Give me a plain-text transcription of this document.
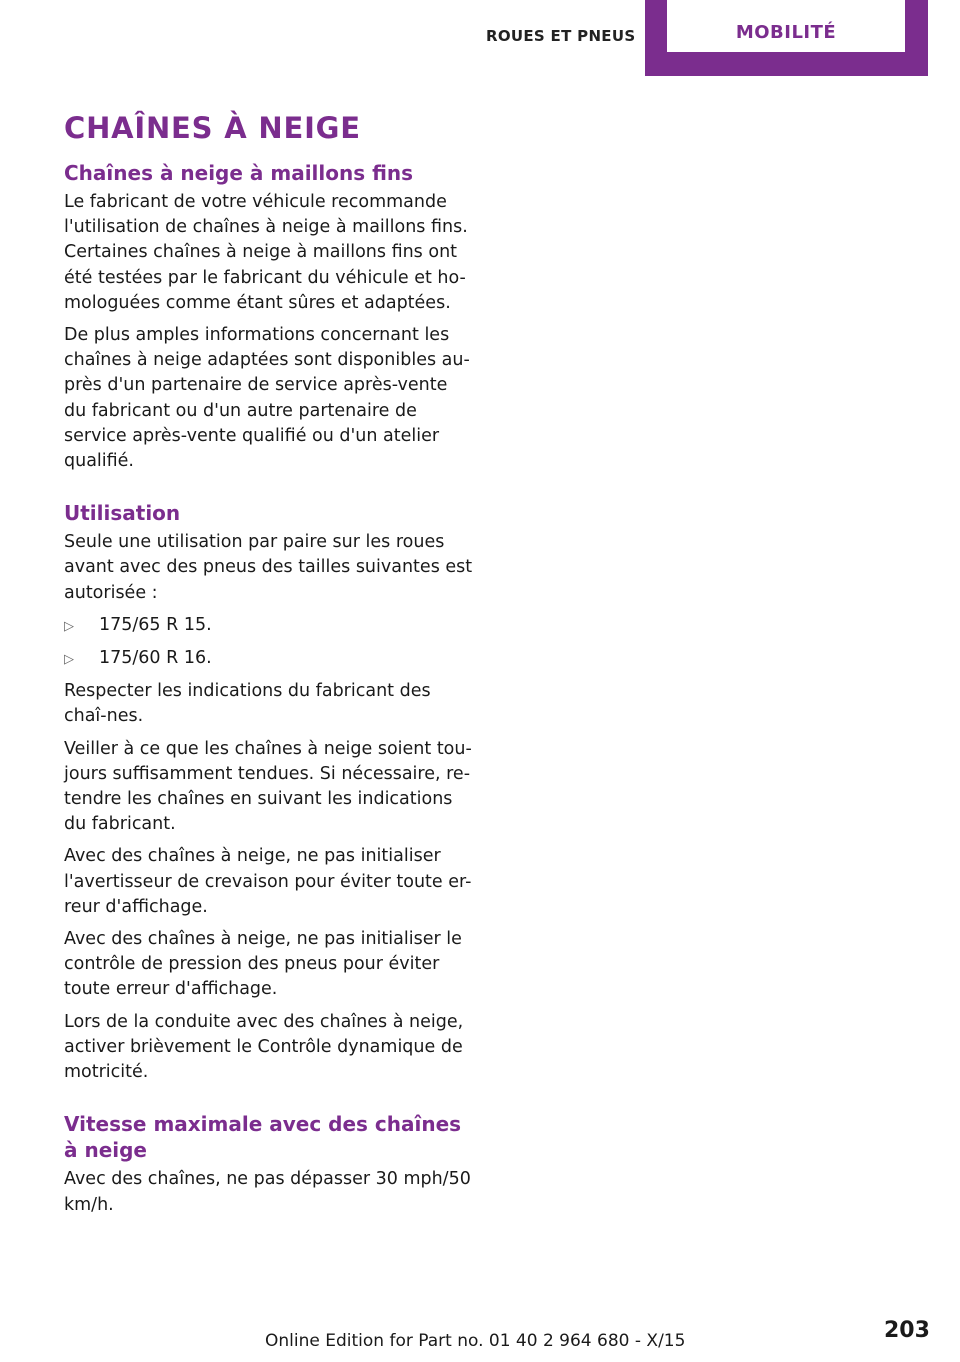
ROUES ET PNEUS	MOBILITÉ
CHAÎNES À NEIGE
Chaînes à neige à maillons fins

Le fabricant de votre véhicule recommande l'utilisation de chaînes à neige à maillons fins. Certaines chaînes à neige à maillons fins ont été testées par le fabricant du véhicule et ho-mologuées comme étant sûres et adaptées.

De plus amples informations concernant les chaînes à neige adaptées sont disponibles au-près d'un partenaire de service après-vente du fabricant ou d'un autre partenaire de service après-vente qualifié ou d'un atelier qualifié.

Utilisation

Seule une utilisation par paire sur les roues avant avec des pneus des tailles suivantes est autorisée :

▷	175/65 R 15.
▷	175/60 R 16.

Respecter les indications du fabricant des chaî-nes.

Veiller à ce que les chaînes à neige soient tou-jours suffisamment tendues. Si nécessaire, re-tendre les chaînes en suivant les indications du fabricant.

Avec des chaînes à neige, ne pas initialiser l'avertisseur de crevaison pour éviter toute er-reur d'affichage.

Avec des chaînes à neige, ne pas initialiser le contrôle de pression des pneus pour éviter toute erreur d'affichage.

Lors de la conduite avec des chaînes à neige, activer brièvement le Contrôle dynamique de motricité.

Vitesse maximale avec des chaînes à neige

Avec des chaînes, ne pas dépasser 30 mph/50 km/h.

Online Edition for Part no. 01 40 2 964 680 - X/15	203
